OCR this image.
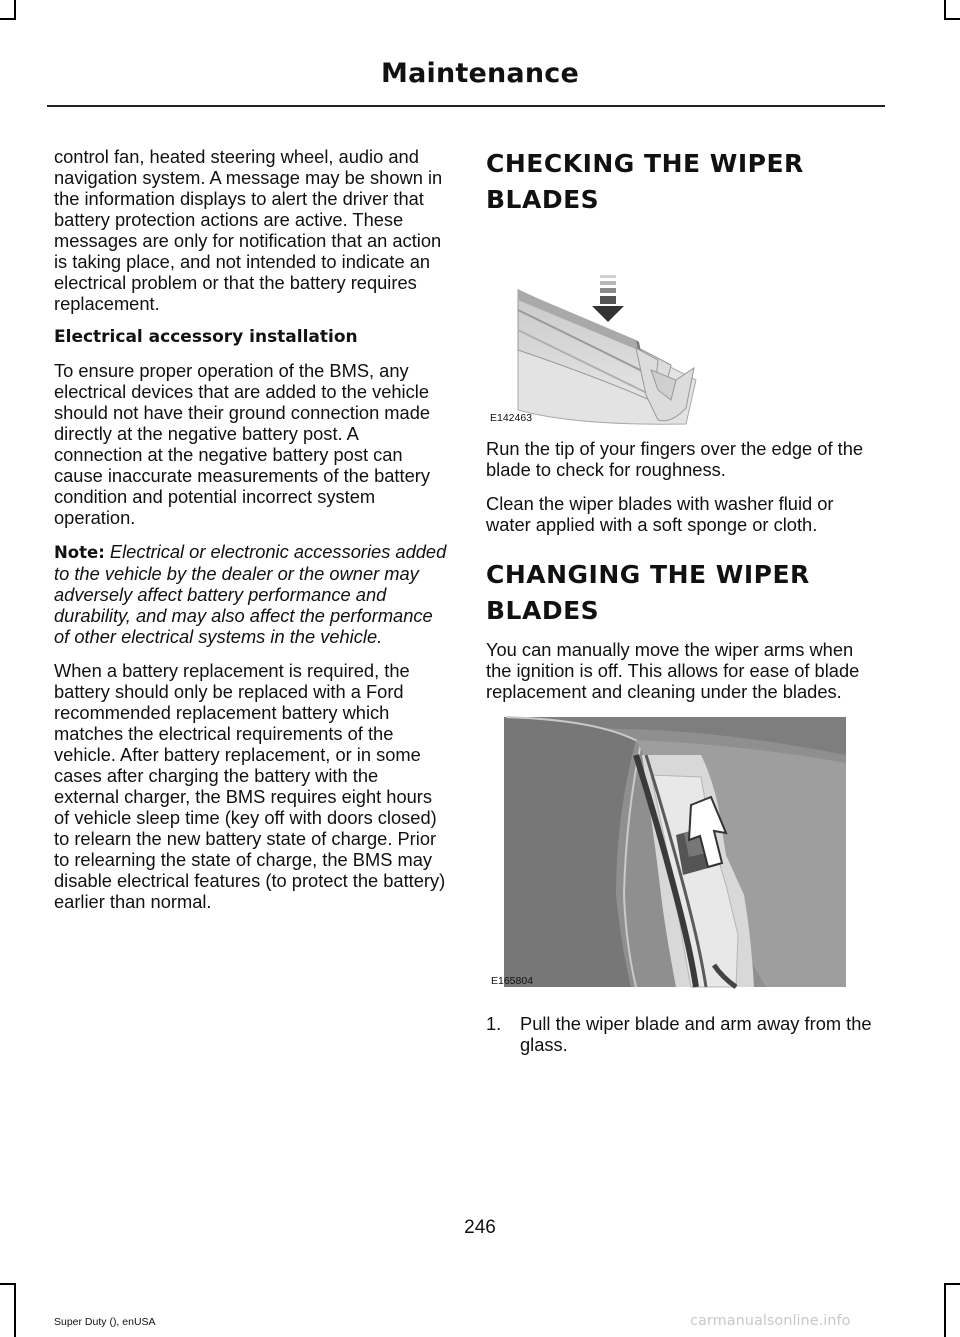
Maintenance

control fan, heated steering wheel, audio and navigation system. A message may be shown in the information displays to alert the driver that battery protection actions are active. These messages are only for notification that an action is taking place, and not intended to indicate an electrical problem or that the battery requires replacement.

Electrical accessory installation

To ensure proper operation of the BMS, any electrical devices that are added to the vehicle should not have their ground connection made directly at the negative battery post. A connection at the negative battery post can cause inaccurate measurements of the battery condition and potential incorrect system operation.

Note: Electrical or electronic accessories added to the vehicle by the dealer or the owner may adversely affect battery performance and durability, and may also affect the performance of other electrical systems in the vehicle.

When a battery replacement is required, the battery should only be replaced with a Ford recommended replacement battery which matches the electrical requirements of the vehicle. After battery replacement, or in some cases after charging the battery with the external charger, the BMS requires eight hours of vehicle sleep time (key off with doors closed) to relearn the new battery state of charge. Prior to relearning the state of charge, the BMS may disable electrical features (to protect the battery) earlier than normal.

CHECKING THE WIPER BLADES
E142463

Run the tip of your fingers over the edge of the blade to check for roughness.

Clean the wiper blades with washer fluid or water applied with a soft sponge or cloth.

CHANGING THE WIPER BLADES

You can manually move the wiper arms when the ignition is off. This allows for ease of blade replacement and cleaning under the blades.

E165804
1.	Pull the wiper blade and arm away from the glass.
246
Super Duty (), enUSA	carmanualsonline.info
